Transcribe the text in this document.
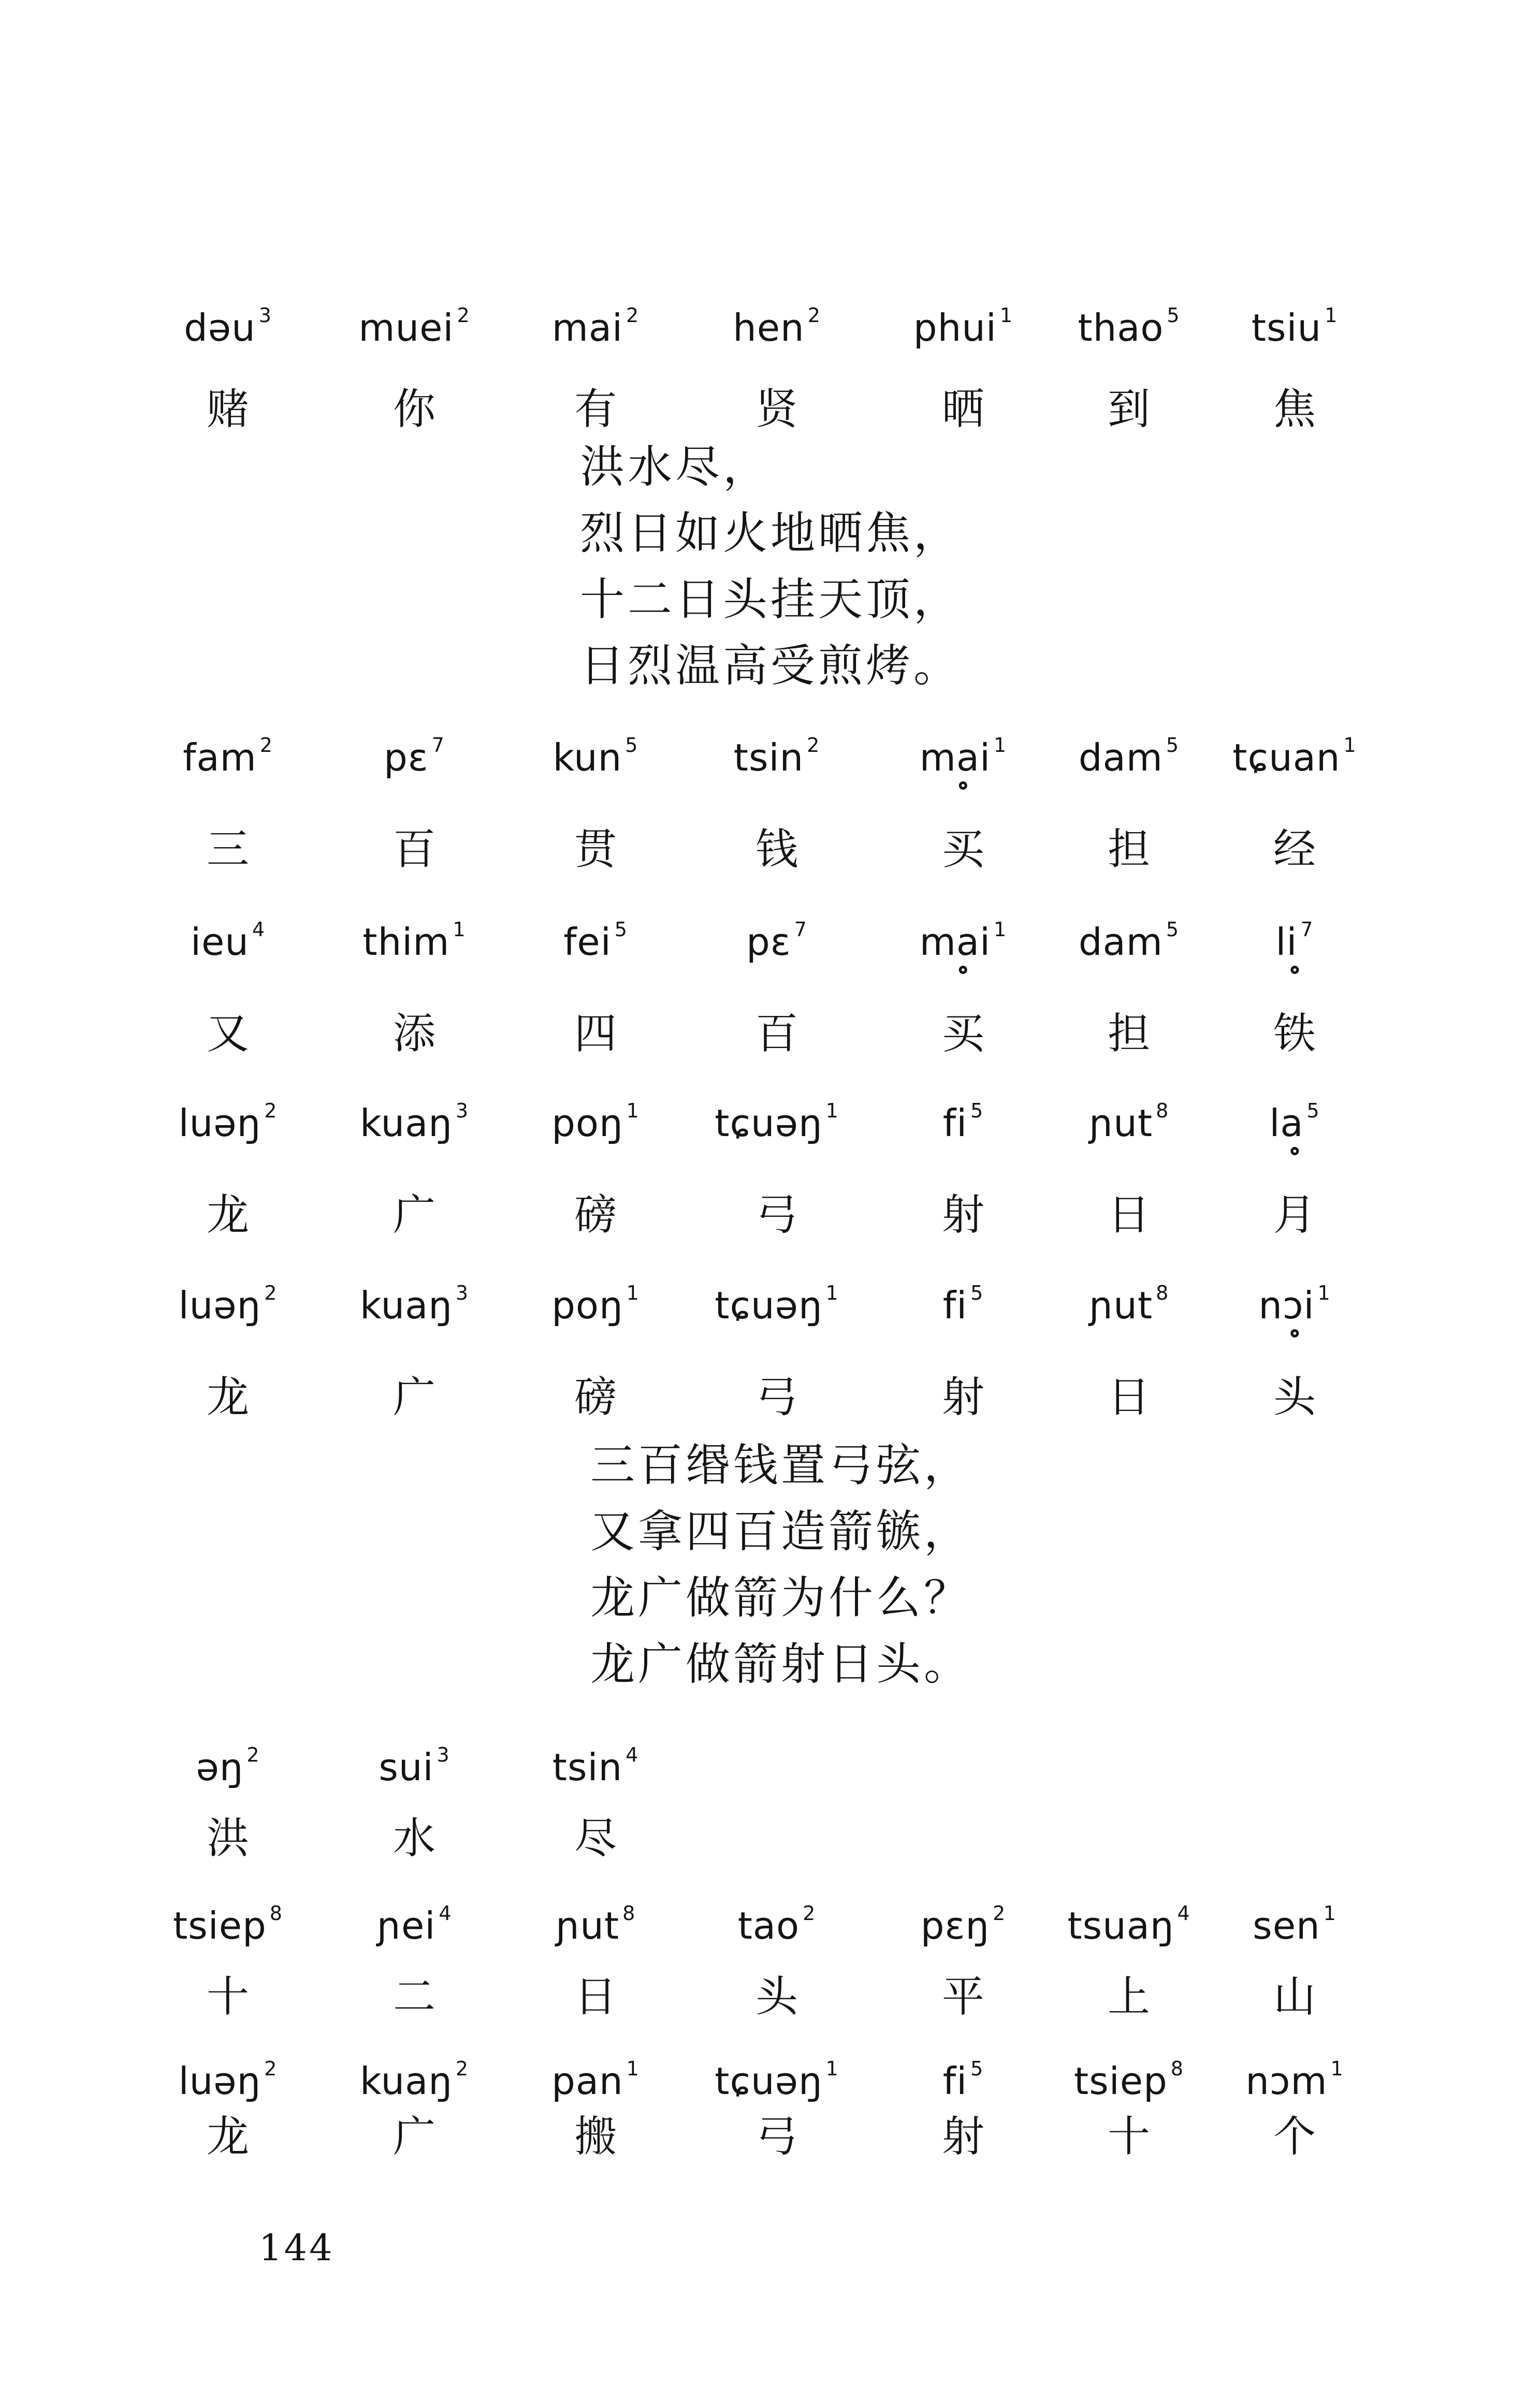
dəu $^3$
赌
muei $^2$
你
mai $^2$
有
hen $^2$
贤
phui $^1$
晒
thao $^5$
到
tsiu $^1$
焦
洪水尽，
烈日如火地晒焦，
十二日头挂天顶，
日烈温高受煎烤。
fam $^2$
三
pɛ $^7$
百
kun $^5$
贯
tsin $^2$
钱
mai $^1$
买
dam $^5$
担
tɕuan $^1$
经
ieu $^4$
又
thim $^1$
添
fei $^5$
四
pɛ $^7$
百
mai $^1$
买
dam $^5$
担
li $^7$
铁
luəŋ $^2$
龙
kuaŋ $^3$
广
poŋ $^1$
磅
tɕuəŋ $^1$
弓
fi $^5$
射
ɲut $^8$
日
la $^5$
月
luəŋ $^2$
龙
kuaŋ $^3$
广
poŋ $^1$
磅
tɕuəŋ $^1$
弓
fi $^5$
射
ɲut $^8$
日
nɔi $^1$
头
三百缗钱置弓弦，
又拿四百造箭镞，
龙广做箭为什么？
龙广做箭射日头。
əŋ $^2$
洪
sui $^3$
水
tsin $^4$
尽
tsiep $^8$
十
ɲei $^4$
二
ɲut $^8$
日
tao $^2$
头
pɛŋ $^2$
平
tsuaŋ $^4$
上
sen $^1$
山
luəŋ $^2$
龙
kuaŋ $^2$
广
pan $^1$
搬
tɕuəŋ $^1$
弓
fi $^5$
射
tsiep $^8$
十
nɔm $^1$
个
144
